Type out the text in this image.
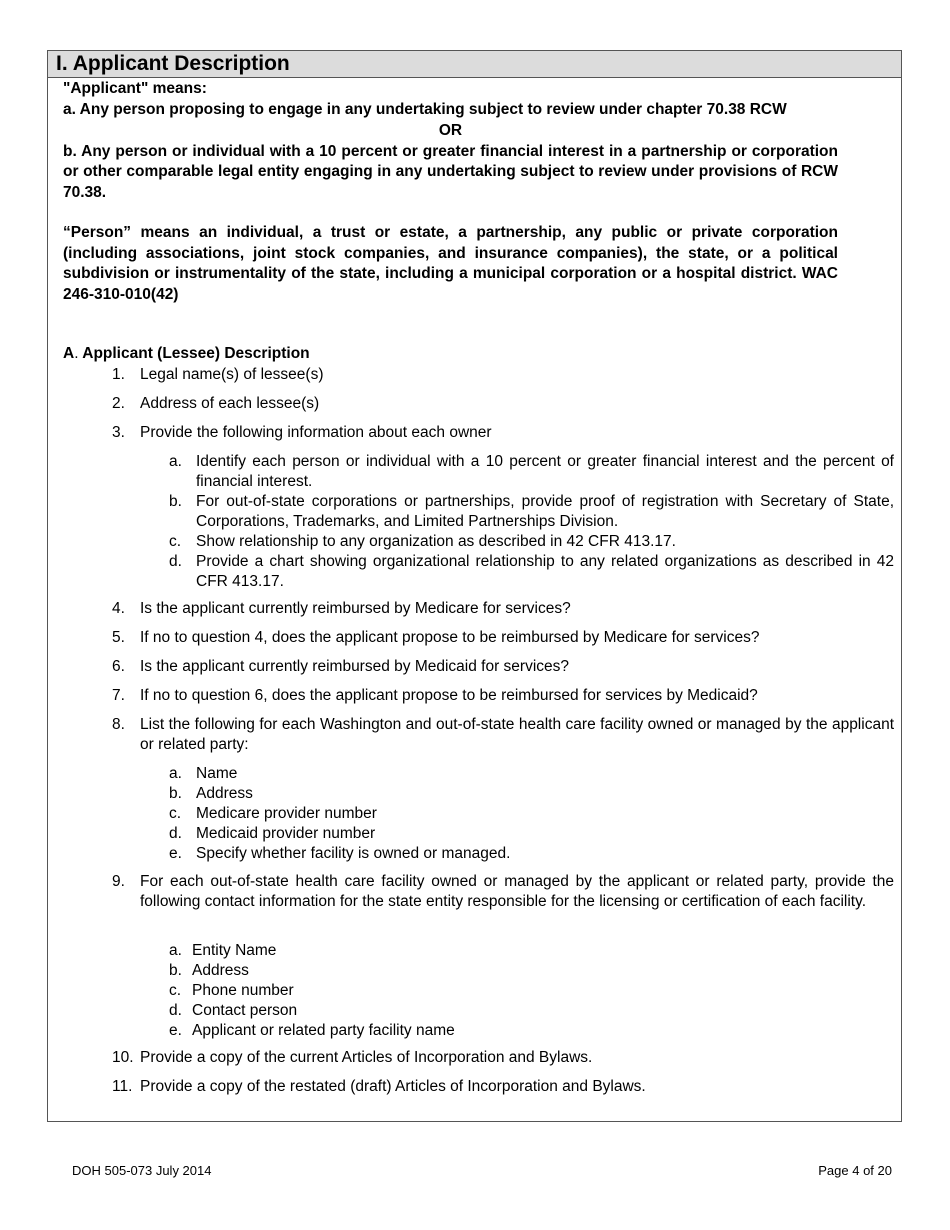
I. Applicant Description
"Applicant" means:
a. Any person proposing to engage in any undertaking subject to review under chapter 70.38 RCW
OR
b. Any person or individual with a 10 percent or greater financial interest in a partnership or corporation or other comparable legal entity engaging in any undertaking subject to review under provisions of RCW 70.38.
“Person” means an individual, a trust or estate, a partnership, any public or private corporation (including associations, joint stock companies, and insurance companies), the state, or a political subdivision or instrumentality of the state, including a municipal corporation or a hospital district. WAC 246-310-010(42)
A. Applicant (Lessee) Description
1. Legal name(s) of lessee(s)
2. Address of each lessee(s)
3. Provide the following information about each owner
a. Identify each person or individual with a 10 percent or greater financial interest and the percent of financial interest.
b. For out-of-state corporations or partnerships, provide proof of registration with Secretary of State, Corporations, Trademarks, and Limited Partnerships Division.
c. Show relationship to any organization as described in 42 CFR 413.17.
d. Provide a chart showing organizational relationship to any related organizations as described in 42 CFR 413.17.
4. Is the applicant currently reimbursed by Medicare for services?
5. If no to question 4, does the applicant propose to be reimbursed by Medicare for services?
6. Is the applicant currently reimbursed by Medicaid for services?
7. If no to question 6, does the applicant propose to be reimbursed for services by Medicaid?
8. List the following for each Washington and out-of-state health care facility owned or managed by the applicant or related party:
a. Name
b. Address
c. Medicare provider number
d. Medicaid provider number
e. Specify whether facility is owned or managed.
9. For each out-of-state health care facility owned or managed by the applicant or related party, provide the following contact information for the state entity responsible for the licensing or certification of each facility.
a. Entity Name
b. Address
c. Phone number
d. Contact person
e. Applicant or related party facility name
10. Provide a copy of the current Articles of Incorporation and Bylaws.
11. Provide a copy of the restated (draft) Articles of Incorporation and Bylaws.
DOH 505-073 July 2014	Page 4 of 20
